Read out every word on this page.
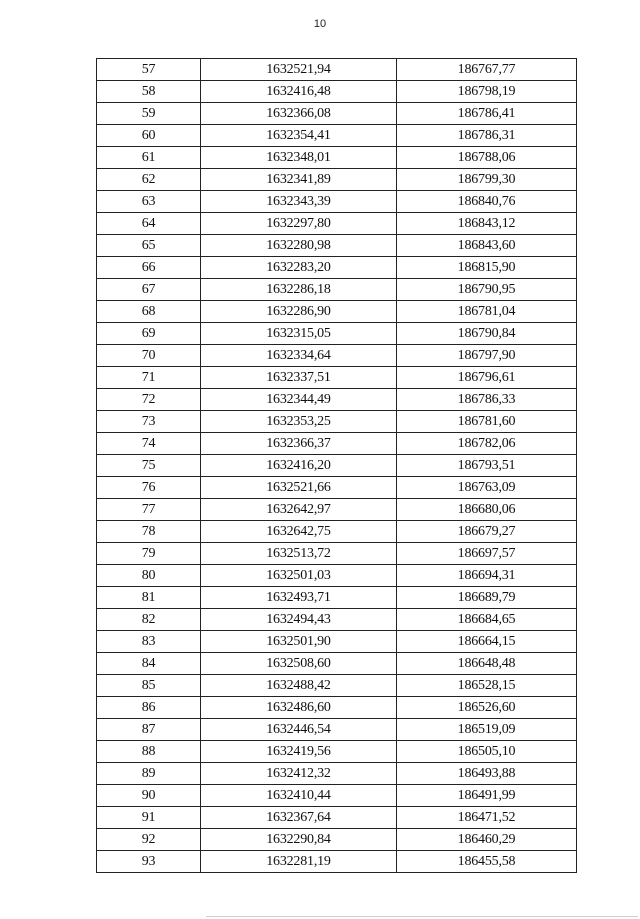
10
57	1632521,94	186767,77
58	1632416,48	186798,19
59	1632366,08	186786,41
60	1632354,41	186786,31
61	1632348,01	186788,06
62	1632341,89	186799,30
63	1632343,39	186840,76
64	1632297,80	186843,12
65	1632280,98	186843,60
66	1632283,20	186815,90
67	1632286,18	186790,95
68	1632286,90	186781,04
69	1632315,05	186790,84
70	1632334,64	186797,90
71	1632337,51	186796,61
72	1632344,49	186786,33
73	1632353,25	186781,60
74	1632366,37	186782,06
75	1632416,20	186793,51
76	1632521,66	186763,09
77	1632642,97	186680,06
78	1632642,75	186679,27
79	1632513,72	186697,57
80	1632501,03	186694,31
81	1632493,71	186689,79
82	1632494,43	186684,65
83	1632501,90	186664,15
84	1632508,60	186648,48
85	1632488,42	186528,15
86	1632486,60	186526,60
87	1632446,54	186519,09
88	1632419,56	186505,10
89	1632412,32	186493,88
90	1632410,44	186491,99
91	1632367,64	186471,52
92	1632290,84	186460,29
93	1632281,19	186455,58
